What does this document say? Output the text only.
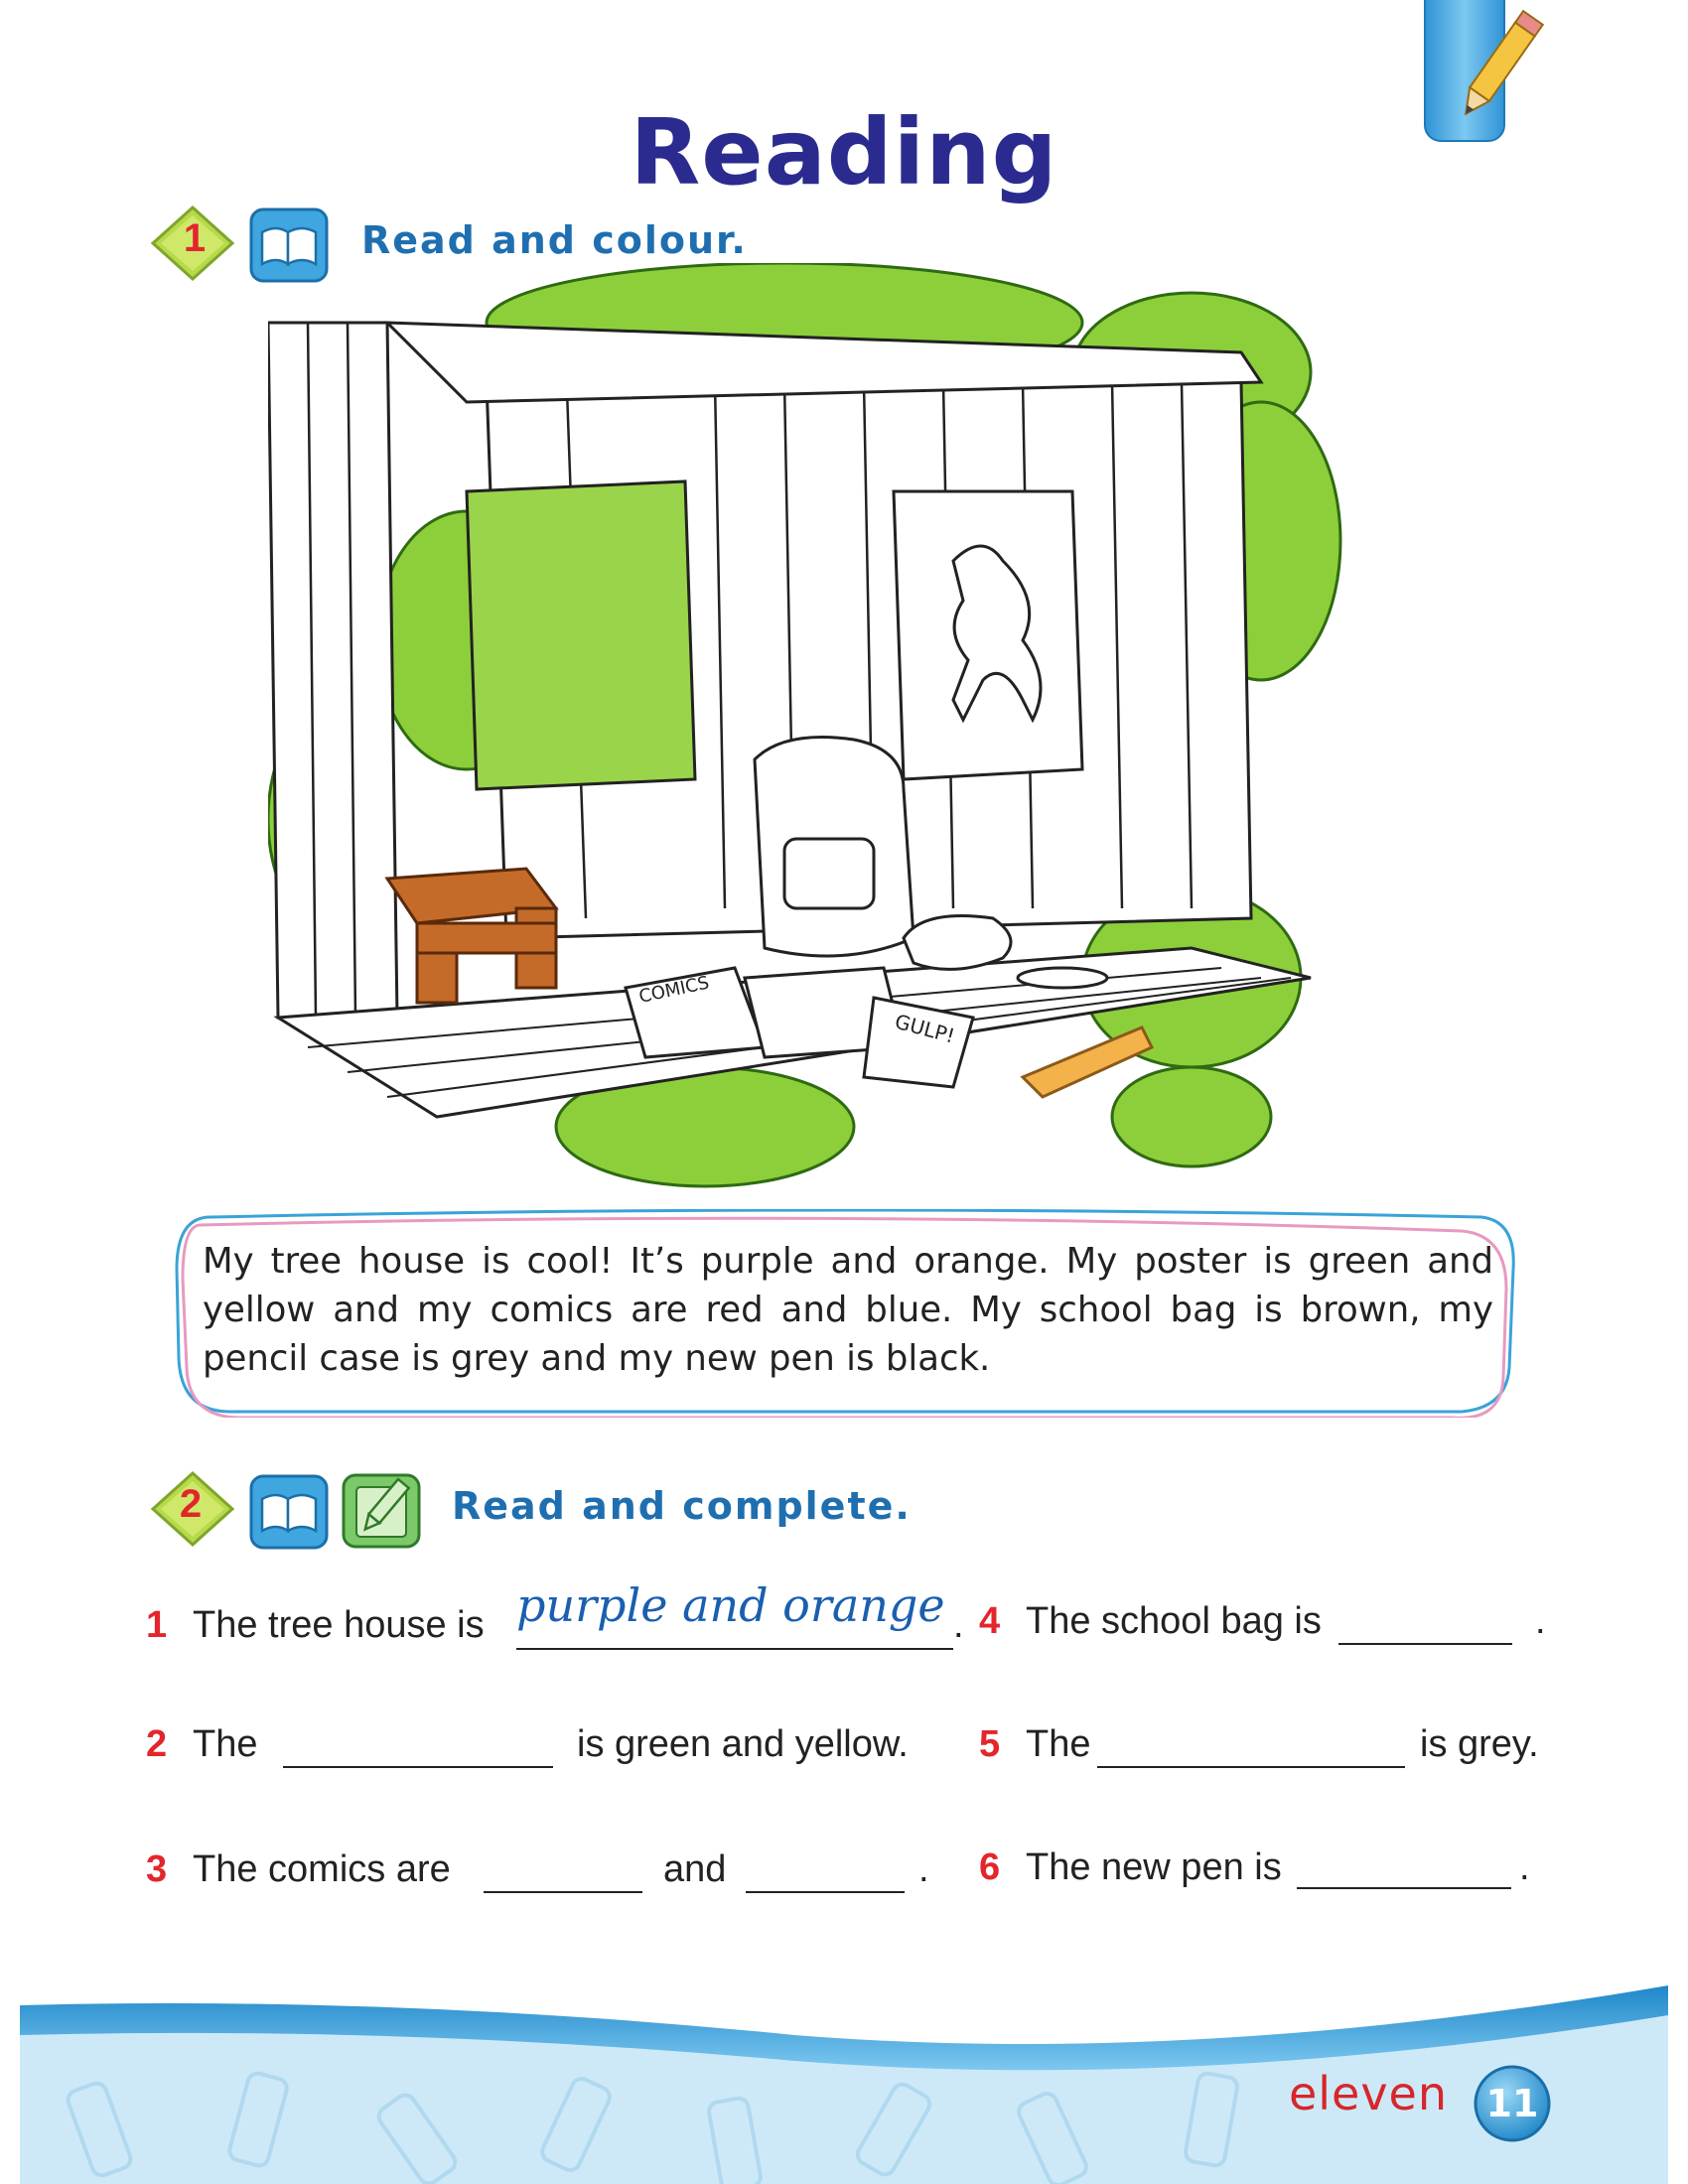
Reading
1	Read and colour.
COMICS
GULP!
My tree house is cool! It’s purple and orange. My poster is green and yellow and my comics are red and blue. My school bag is brown, my pencil case is grey and my new pen is black.
2	Read and complete.
1 The tree house is purple and orange . 4 The school bag is	.
2 The	is green and yellow. 5 The	is grey.
3 The comics are	and	. 6 The new pen is	.
eleven 11
